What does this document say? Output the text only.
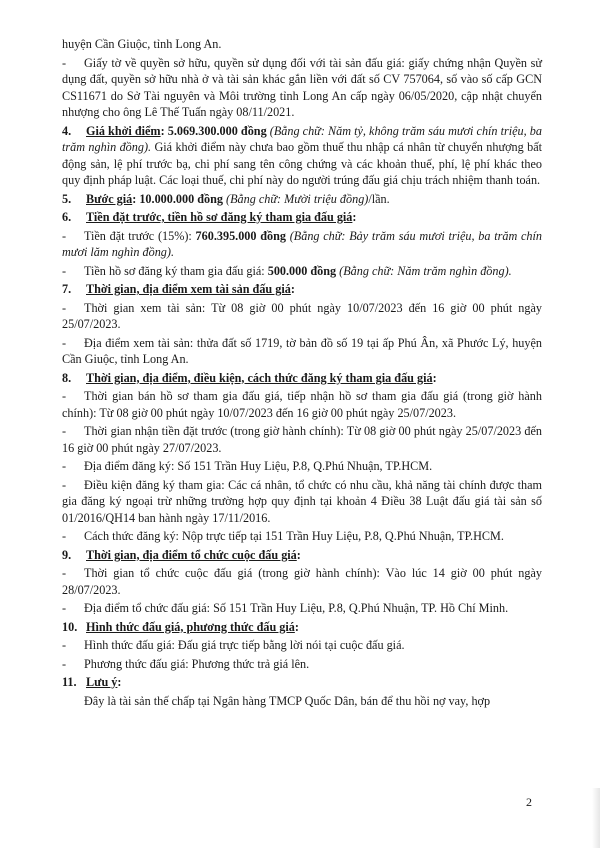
huyện Cần Giuộc, tỉnh Long An.

- Giấy tờ về quyền sở hữu, quyền sử dụng đối với tài sản đấu giá: giấy chứng nhận Quyền sử dụng đất, quyền sở hữu nhà ở và tài sản khác gắn liền với đất số CV 757064, số vào số cấp GCN CS11671 do Sở Tài nguyên và Môi trường tỉnh Long An cấp ngày 06/05/2020, cập nhật chuyển nhượng cho ông Lê Thế Tuấn ngày 08/11/2021.

4. Giá khởi điểm: 5.069.300.000 đồng (Bằng chữ: Năm tỷ, không trăm sáu mươi chín triệu, ba trăm nghìn đồng). Giá khởi điểm này chưa bao gồm thuế thu nhập cá nhân từ chuyển nhượng bất động sản, lệ phí trước bạ, chi phí sang tên công chứng và các khoản thuế, phí, lệ phí khác theo quy định pháp luật. Các loại thuế, chi phí này do người trúng đấu giá chịu trách nhiệm thanh toán.

5. Bước giá: 10.000.000 đồng (Bằng chữ: Mười triệu đồng)/lần.

6. Tiền đặt trước, tiền hồ sơ đăng ký tham gia đấu giá:

- Tiền đặt trước (15%): 760.395.000 đồng (Bằng chữ: Bảy trăm sáu mươi triệu, ba trăm chín mươi lăm nghìn đồng).

- Tiền hồ sơ đăng ký tham gia đấu giá: 500.000 đồng (Bằng chữ: Năm trăm nghìn đồng).

7. Thời gian, địa điểm xem tài sản đấu giá:

- Thời gian xem tài sản: Từ 08 giờ 00 phút ngày 10/07/2023 đến 16 giờ 00 phút ngày 25/07/2023.

- Địa điểm xem tài sản: thửa đất số 1719, tờ bản đồ số 19 tại ấp Phú Ân, xã Phước Lý, huyện Cần Giuộc, tỉnh Long An.

8. Thời gian, địa điểm, điều kiện, cách thức đăng ký tham gia đấu giá:

- Thời gian bán hồ sơ tham gia đấu giá, tiếp nhận hồ sơ tham gia đấu giá (trong giờ hành chính): Từ 08 giờ 00 phút ngày 10/07/2023 đến 16 giờ 00 phút ngày 25/07/2023.

- Thời gian nhận tiền đặt trước (trong giờ hành chính): Từ 08 giờ 00 phút ngày 25/07/2023 đến 16 giờ 00 phút ngày 27/07/2023.

- Địa điểm đăng ký: Số 151 Trần Huy Liệu, P.8, Q.Phú Nhuận, TP.HCM.

- Điều kiện đăng ký tham gia: Các cá nhân, tổ chức có nhu cầu, khả năng tài chính được tham gia đăng ký ngoại trừ những trường hợp quy định tại khoản 4 Điều 38 Luật đấu giá tài sản số 01/2016/QH14 ban hành ngày 17/11/2016.

- Cách thức đăng ký: Nộp trực tiếp tại 151 Trần Huy Liệu, P.8, Q.Phú Nhuận, TP.HCM.

9. Thời gian, địa điểm tổ chức cuộc đấu giá:

- Thời gian tổ chức cuộc đấu giá (trong giờ hành chính): Vào lúc 14 giờ 00 phút ngày 28/07/2023.

- Địa điểm tổ chức đấu giá: Số 151 Trần Huy Liệu, P.8, Q.Phú Nhuận, TP. Hồ Chí Minh.

10. Hình thức đấu giá, phương thức đấu giá:

- Hình thức đấu giá: Đấu giá trực tiếp bằng lời nói tại cuộc đấu giá.

- Phương thức đấu giá: Phương thức trả giá lên.

11. Lưu ý:

Đây là tài sản thế chấp tại Ngân hàng TMCP Quốc Dân, bán để thu hồi nợ vay, hợp

2
